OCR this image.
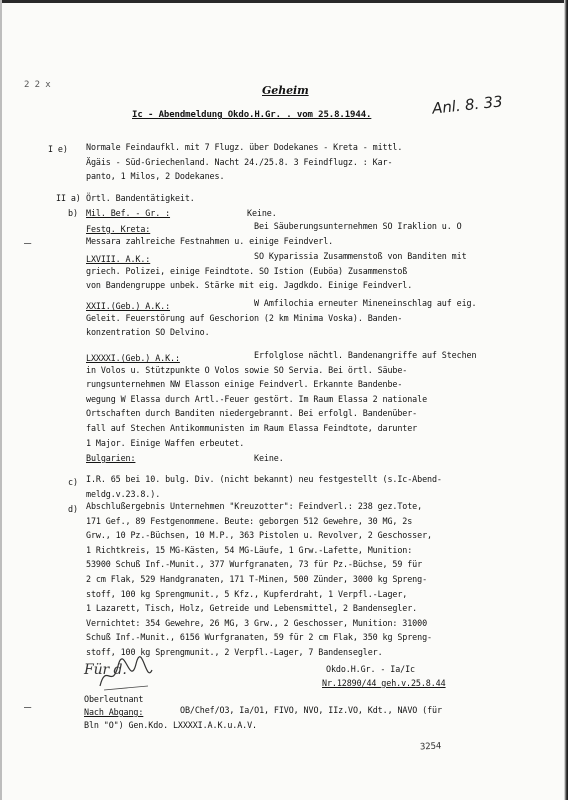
2 2 x
—
—
Geheim
Anl. 8. 33
Ic - Abendmeldung Okdo.H.Gr. . vom 25.8.1944.
I e) Normale Feindaufkl. mit 7 Flugz. über Dodekanes - Kreta - mittl.
Ägäis - Süd-Griechenland. Nacht 24./25.8. 3 Feindflugz. : Kar-
panto, 1 Milos, 2 Dodekanes.
II a) Örtl. Bandentätigkeit.
b) Mil. Bef. - Gr. :	Keine.
Festg. Kreta:	Bei Säuberungsunternehmen SO Iraklion u. O
Messara zahlreiche Festnahmen u. einige Feindverl.
LXVIII. A.K.:	SO Kyparissia Zusammenstoß von Banditen mit
griech. Polizei, einige Feindtote. SO Istion (Euböa) Zusammenstoß
von Bandengruppe unbek. Stärke mit eig. Jagdkdo. Einige Feindverl.
XXII.(Geb.) A.K.:	W Amfilochia erneuter Mineneinschlag auf eig.
Geleit. Feuerstörung auf Geschorion (2 km Minima Voska). Banden-
konzentration SO Delvino.
LXXXXI.(Geb.) A.K.:	Erfolglose nächtl. Bandenangriffe auf Stechen
in Volos u. Stützpunkte O Volos sowie SO Servia. Bei örtl. Säube-
rungsunternehmen NW Elasson einige Feindverl. Erkannte Bandenbe-
wegung W Elassa durch Artl.-Feuer gestört. Im Raum Elassa 2 nationale
Ortschaften durch Banditen niedergebrannt. Bei erfolgl. Bandenüber-
fall auf Stechen Antikommunisten im Raum Elassa Feindtote, darunter
1 Major. Einige Waffen erbeutet.
Bulgarien:	Keine.
c) I.R. 65 bei 10. bulg. Div. (nicht bekannt) neu festgestellt (s.Ic-Abend-
meldg.v.23.8.).
d) Abschlußergebnis Unternehmen "Kreuzotter": Feindverl.: 238 gez.Tote,
171 Gef., 89 Festgenommene. Beute: geborgen 512 Gewehre, 30 MG, 2s
Grw., 10 Pz.-Büchsen, 10 M.P., 363 Pistolen u. Revolver, 2 Geschosser,
1 Richtkreis, 15 MG-Kästen, 54 MG-Läufe, 1 Grw.-Lafette, Munition:
53900 Schuß Inf.-Munit., 377 Wurfgranaten, 73 für Pz.-Büchse, 59 für
2 cm Flak, 529 Handgranaten, 171 T-Minen, 500 Zünder, 3000 kg Spreng-
stoff, 100 kg Sprengmunit., 5 Kfz., Kupferdraht, 1 Verpfl.-Lager,
1 Lazarett, Tisch, Holz, Getreide und Lebensmittel, 2 Bandensegler.
Vernichtet: 354 Gewehre, 26 MG, 3 Grw., 2 Geschosser, Munition: 31000
Schuß Inf.-Munit., 6156 Wurfgranaten, 59 für 2 cm Flak, 350 kg Spreng-
stoff, 100 kg Sprengmunit., 2 Verpfl.-Lager, 7 Bandensegler.
Für d.	Okdo.H.Gr. - Ia/Ic
Nr.12890/44 geh.v.25.8.44
Oberleutnant
Nach Abgang:	OB/Chef/O3, Ia/O1, FIVO, NVO, IIz.VO, Kdt., NAVO (für
Bln "O") Gen.Kdo. LXXXXI.A.K.u.A.V.
3254
